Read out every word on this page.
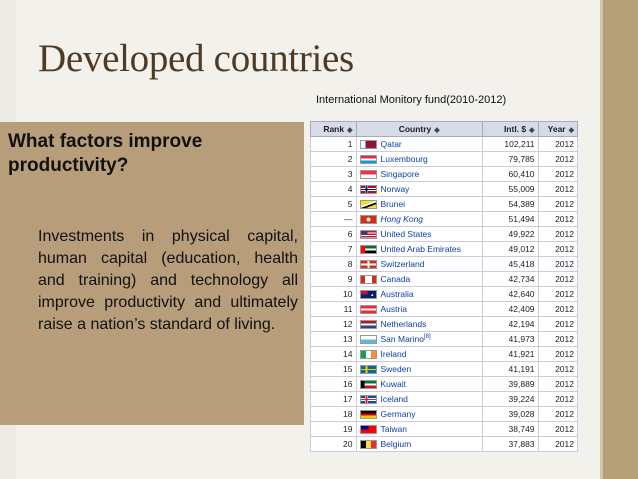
Developed countries
International Monitory fund(2010-2012)
What factors improve productivity?
Investments in physical capital, human capital (education, health and training) and technology all improve productivity and ultimately raise a nation’s standard of living.
Rank ◆	Country ◆	Intl. $ ◆	Year ◆
1	Qatar	102,211	2012
2	Luxembourg	79,785	2012
3	Singapore	60,410	2012
4	Norway	55,009	2012
5	Brunei	54,389	2012
—	Hong Kong	51,494	2012
6	United States	49,922	2012
7	United Arab Emirates	49,012	2012
8	Switzerland	45,418	2012
9	Canada	42,734	2012
10	Australia	42,640	2012
11	Austria	42,409	2012
12	Netherlands	42,194	2012
13	San Marino[8]	41,973	2012
14	Ireland	41,921	2012
15	Sweden	41,191	2012
16	Kuwait	39,889	2012
17	Iceland	39,224	2012
18	Germany	39,028	2012
19	Taiwan	38,749	2012
20	Belgium	37,883	2012
